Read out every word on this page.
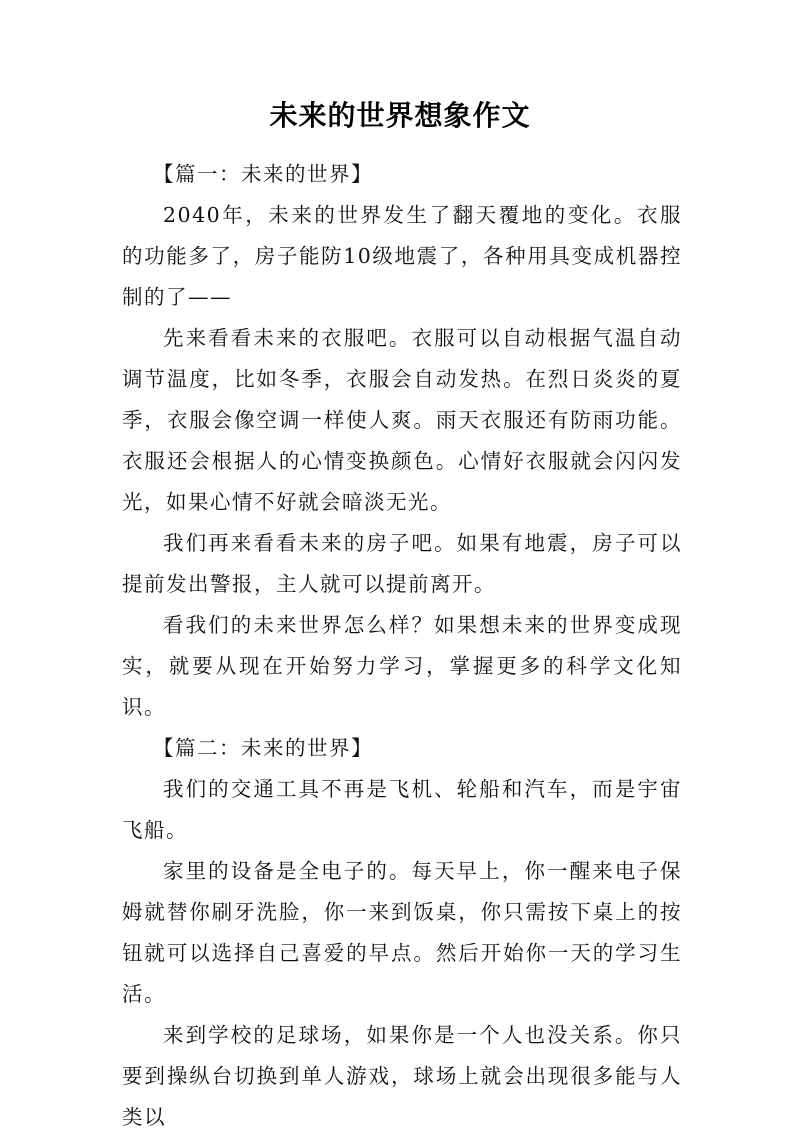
未来的世界想象作文

【篇一：未来的世界】

2040年，未来的世界发生了翻天覆地的变化。衣服的功能多了，房子能防10级地震了，各种用具变成机器控制的了——

先来看看未来的衣服吧。衣服可以自动根据气温自动调节温度，比如冬季，衣服会自动发热。在烈日炎炎的夏季，衣服会像空调一样使人爽。雨天衣服还有防雨功能。衣服还会根据人的心情变换颜色。心情好衣服就会闪闪发光，如果心情不好就会暗淡无光。

我们再来看看未来的房子吧。如果有地震，房子可以提前发出警报，主人就可以提前离开。

看我们的未来世界怎么样？如果想未来的世界变成现实，就要从现在开始努力学习，掌握更多的科学文化知识。

【篇二：未来的世界】

我们的交通工具不再是飞机、轮船和汽车，而是宇宙飞船。

家里的设备是全电子的。每天早上，你一醒来电子保姆就替你刷牙洗脸，你一来到饭桌，你只需按下桌上的按钮就可以选择自己喜爱的早点。然后开始你一天的学习生活。

来到学校的足球场，如果你是一个人也没关系。你只要到操纵台切换到单人游戏，球场上就会出现很多能与人类以
